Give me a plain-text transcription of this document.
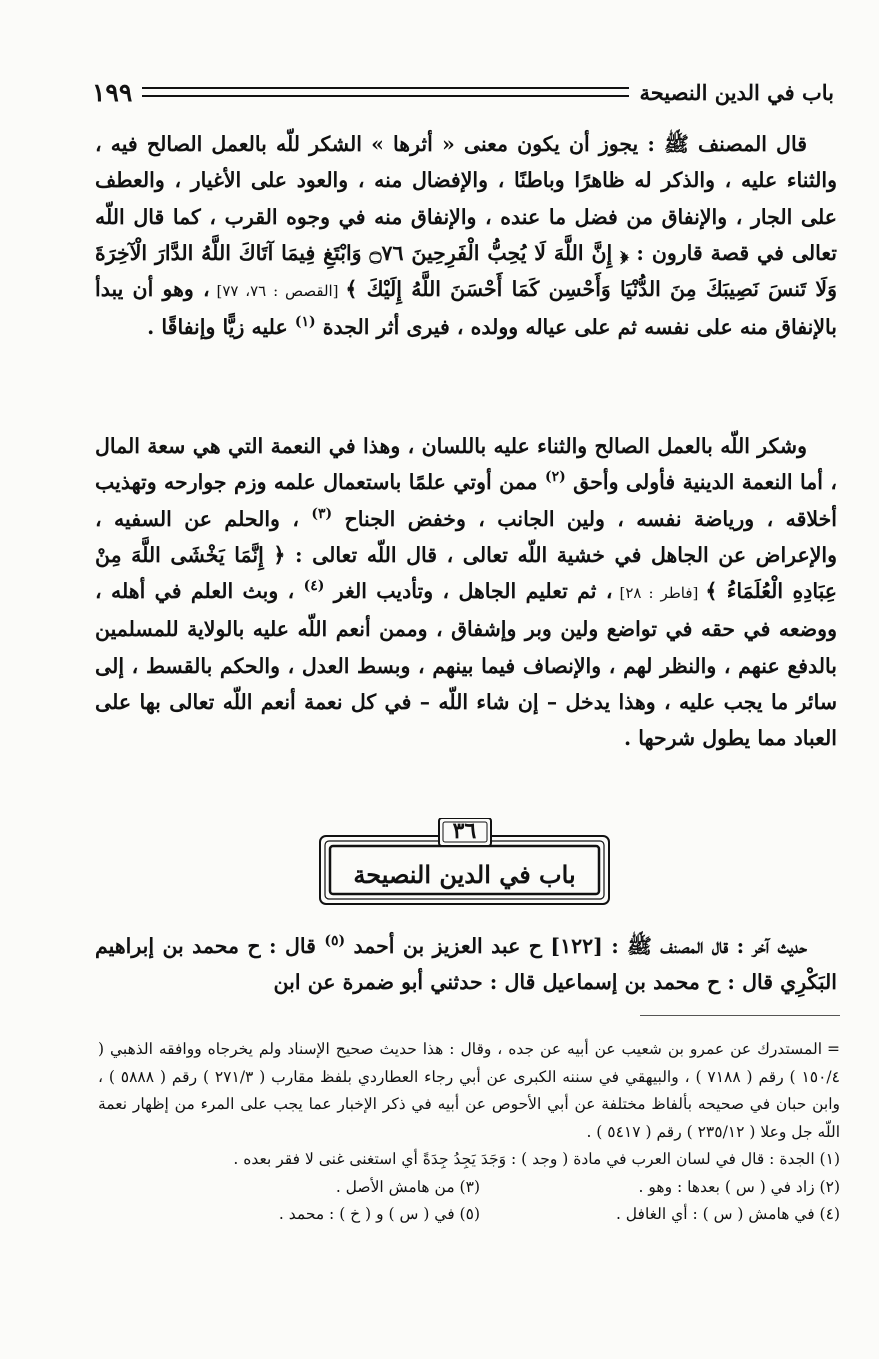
باب في الدين النصيحة
١٩٩

قال المصنف ﷺ : يجوز أن يكون معنى « أثرها » الشكر للّه بالعمل الصالح فيه ، والثناء عليه ، والذكر له ظاهرًا وباطنًا ، والإفضال منه ، والعود على الأغيار ، والعطف على الجار ، والإنفاق من فضل ما عنده ، والإنفاق منه في وجوه القرب ، كما قال اللّه تعالى في قصة قارون : ﴿ إِنَّ اللَّهَ لَا يُحِبُّ الْفَرِحِينَ ۝٧٦ وَابْتَغِ فِيمَا آتَاكَ اللَّهُ الدَّارَ الْآخِرَةَ وَلَا تَنسَ نَصِيبَكَ مِنَ الدُّنْيَا وَأَحْسِن كَمَا أَحْسَنَ اللَّهُ إِلَيْكَ ﴾ [القصص : ٧٦، ٧٧] ، وهو أن يبدأ بالإنفاق منه على نفسه ثم على عياله وولده ، فيرى أثر الجدة $^{(١)}$ عليه زيًّا وإنفاقًا .

وشكر اللّه بالعمل الصالح والثناء عليه باللسان ، وهذا في النعمة التي هي سعة المال ، أما النعمة الدينية فأولى وأحق $^{(٢)}$ ممن أوتي علمًا باستعمال علمه وزم جوارحه وتهذيب أخلاقه ، ورياضة نفسه ، ولين الجانب ، وخفض الجناح $^{(٣)}$ ، والحلم عن السفيه ، والإعراض عن الجاهل في خشية اللّه تعالى ، قال اللّه تعالى : ﴿ إِنَّمَا يَخْشَى اللَّهَ مِنْ عِبَادِهِ الْعُلَمَاءُ ﴾ [فاطر : ٢٨] ، ثم تعليم الجاهل ، وتأديب الغر $^{(٤)}$ ، وبث العلم في أهله ، ووضعه في حقه في تواضع ولين وبر وإشفاق ، وممن أنعم اللّه عليه بالولاية للمسلمين بالدفع عنهم ، والنظر لهم ، والإنصاف فيما بينهم ، وبسط العدل ، والحكم بالقسط ، إلى سائر ما يجب عليه ، وهذا يدخل – إن شاء اللّه – في كل نعمة أنعم اللّه تعالى بها على العباد مما يطول شرحها .

٣٦
باب في الدين النصيحة

حديث آخر : قال المصنف ﷺ : [١٢٢] ح عبد العزيز بن أحمد $^{(٥)}$ قال : ح محمد بن إبراهيم البَكْرِي قال : ح محمد بن إسماعيل قال : حدثني أبو ضمرة عن ابن

=المستدرك عن عمرو بن شعيب عن أبيه عن جده ، وقال : هذا حديث صحيح الإسناد ولم يخرجاه ووافقه الذهبي ( ١٥٠/٤ ) رقم ( ٧١٨٨ ) ، والبيهقي في سننه الكبرى عن أبي رجاء العطاردي بلفظ مقارب ( ٢٧١/٣ ) رقم ( ٥٨٨٨ ) ، وابن حبان في صحيحه بألفاظ مختلفة عن أبي الأحوص عن أبيه في ذكر الإخبار عما يجب على المرء من إظهار نعمة اللّه جل وعلا ( ٢٣٥/١٢ ) رقم ( ٥٤١٧ ) .

(١) الجدة : قال في لسان العرب في مادة ( وجد ) : وَجَدَ يَجِدُ جِدَةً أي استغنى غنى لا فقر بعده .

(٢) زاد في ( س ) بعدها : وهو .
(٣) من هامش الأصل .
(٤) في هامش ( س ) : أي الغافل .
(٥) في ( س ) و ( خ ) : محمد .
